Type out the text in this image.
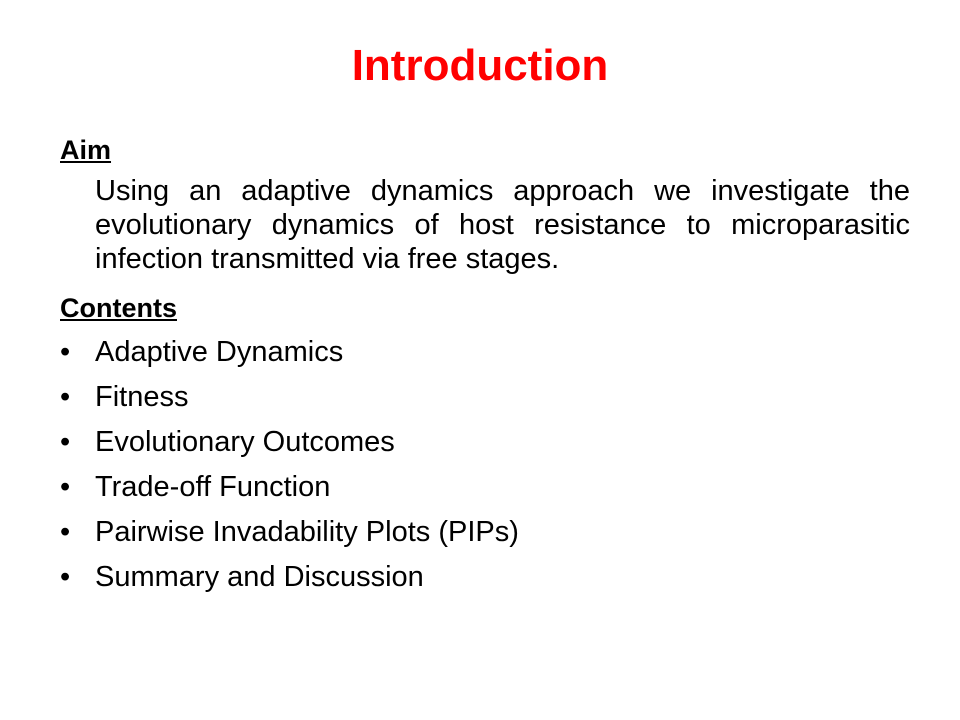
Introduction
Aim

Using an adaptive dynamics approach we investigate the evolutionary dynamics of host resistance to microparasitic infection transmitted via free stages.

Contents
• Adaptive Dynamics
• Fitness
• Evolutionary Outcomes
• Trade-off Function
• Pairwise Invadability Plots (PIPs)
• Summary and Discussion
